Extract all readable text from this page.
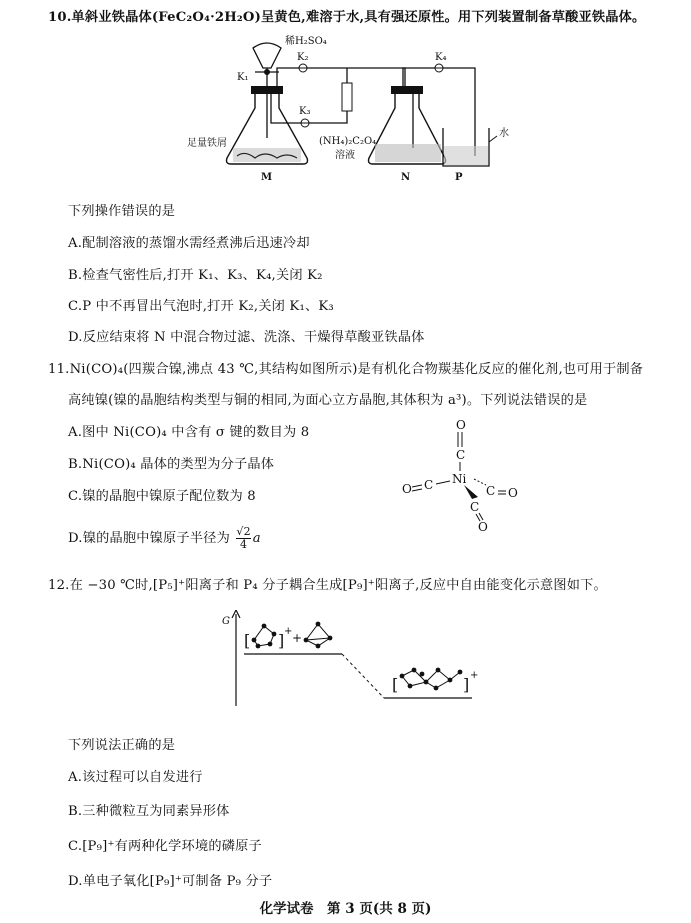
10.单斜业铁晶体(FeC₂O₄·2H₂O)呈黄色,难溶于水,具有强还原性。用下列装置制备草酸亚铁晶体。
稀H₂SO₄
K₁
K₂
K₃
K₄
足量铁屑	(NH₄)₂C₂O₄
溶液
水
M	N	P
下列操作错误的是
A.配制溶液的蒸馏水需经煮沸后迅速冷却
B.检查气密性后,打开 K₁、K₃、K₄,关闭 K₂
C.P 中不再冒出气泡时,打开 K₂,关闭 K₁、K₃
D.反应结束将 N 中混合物过滤、洗涤、干燥得草酸亚铁晶体
11.Ni(CO)₄(四羰合镍,沸点 43 ℃,其结构如图所示)是有机化合物羰基化反应的催化剂,也可用于制备
高纯镍(镍的晶胞结构类型与铜的相同,为面心立方晶胞,其体积为 a³)。下列说法错误的是
A.图中 Ni(CO)₄ 中含有 σ 键的数目为 8
B.Ni(CO)₄ 晶体的类型为分子晶体
C.镍的晶胞中镍原子配位数为 8
D.镍的晶胞中镍原子半径为 $\frac{√2}{4}$ a
O
C
Ni
C
O	C O
C
O
12.在 −30 ℃时,[P₅]⁺阳离子和 P₄ 分子耦合生成[P₉]⁺阳离子,反应中自由能变化示意图如下。
G
[ ] + +
[	] +
下列说法正确的是
A.该过程可以自发进行
B.三种微粒互为同素异形体
C.[P₉]⁺有两种化学环境的磷原子
D.单电子氧化[P₉]⁺可制备 P₉ 分子
化学试卷　第 3 页(共 8 页)
